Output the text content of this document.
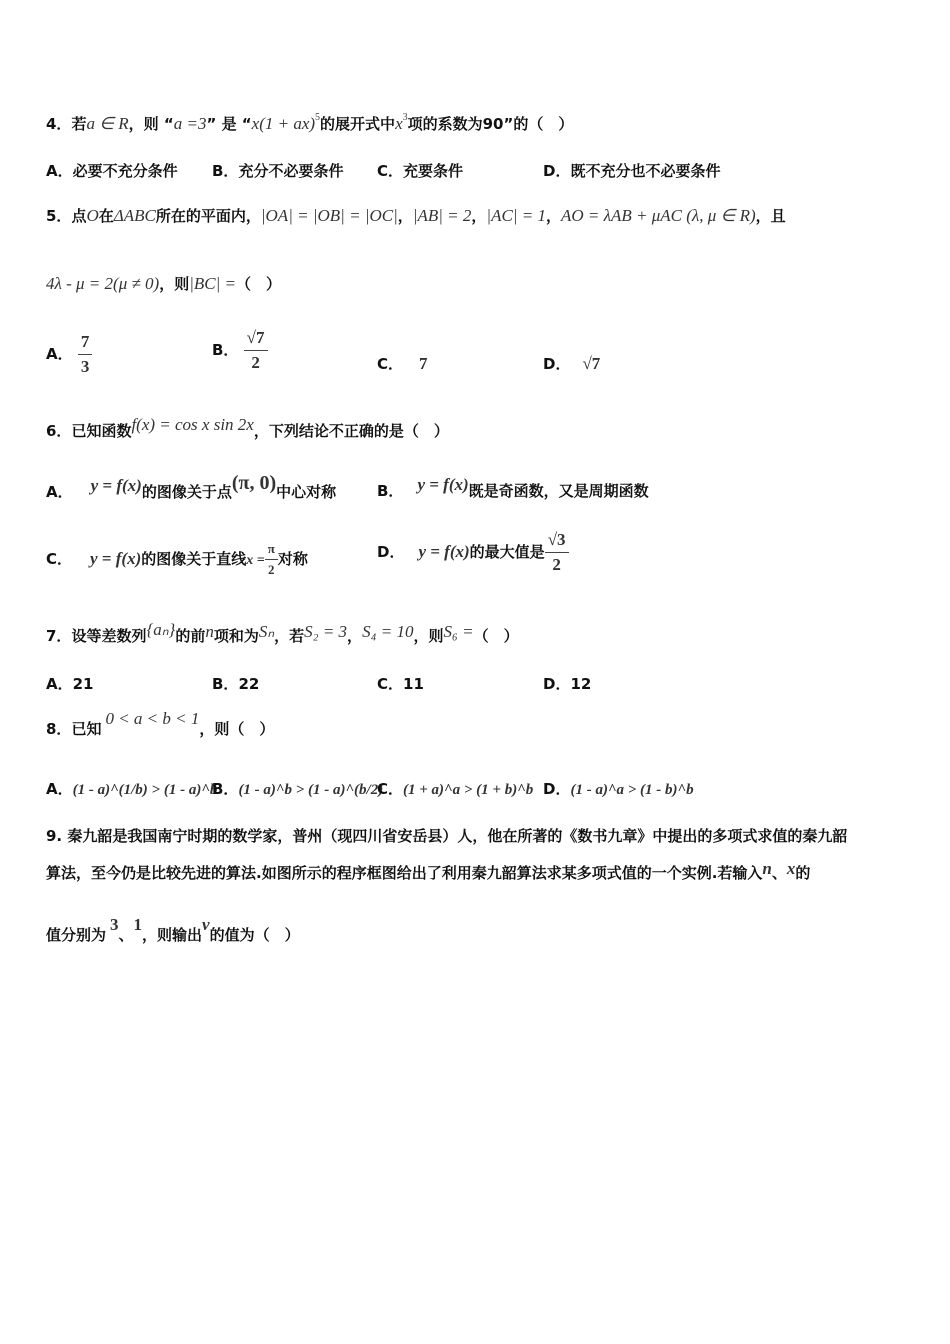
4．若a ∈ R，则 “a =3” 是 “x(1 + ax)$^5$的展开式中$x^3$项的系数为90”的（　）
A．必要不充分条件 B．充分不必要条件 C．充要条件	D．既不充分也不必要条件
5．点O在ΔABC所在的平面内，|OA| = |OB| = |OC|，|AB| = 2，|AC| = 1，AO = λAB + μAC (λ, μ ∈ R)，且
4λ - μ = 2(μ ≠ 0)，则|BC| =（　）
A． $\frac{7}{3}$	B． $\frac{√7}{2}$	C． 7	D． √7
6．已知函数f(x) = cos x sin 2x，下列结论不正确的是（　）
A． y = f(x)的图像关于点(π, 0)中心对称	B． y = f(x)既是奇函数，又是周期函数
C． y = f(x)的图像关于直线$x = \frac{\pi}{2}$ 对称	D． y = f(x)的最大值是 $\frac{√3}{2}$
7．设等差数列{aₙ}的前n项和为Sₙ，若S₂ = 3，S₄ = 10，则S₆ =（　）
A．21	B．22	C．11	D．12
8．已知0 < a < b < 1，则（　）
A．(1 - a)^(1/b) > (1 - a)^b
B．(1 - a)^b > (1 - a)^(b/2)
C．(1 + a)^a > (1 + b)^b D．(1 - a)^a > (1 - b)^b
9. 秦九韶是我国南宁时期的数学家，普州（现四川省安岳县）人，他在所著的《数书九章》中提出的多项式求值的秦九韶
算法，至今仍是比较先进的算法.如图所示的程序框图给出了利用秦九韶算法求某多项式值的一个实例.若输入n、x的
值分别为3、1，则输出v的值为（　）
